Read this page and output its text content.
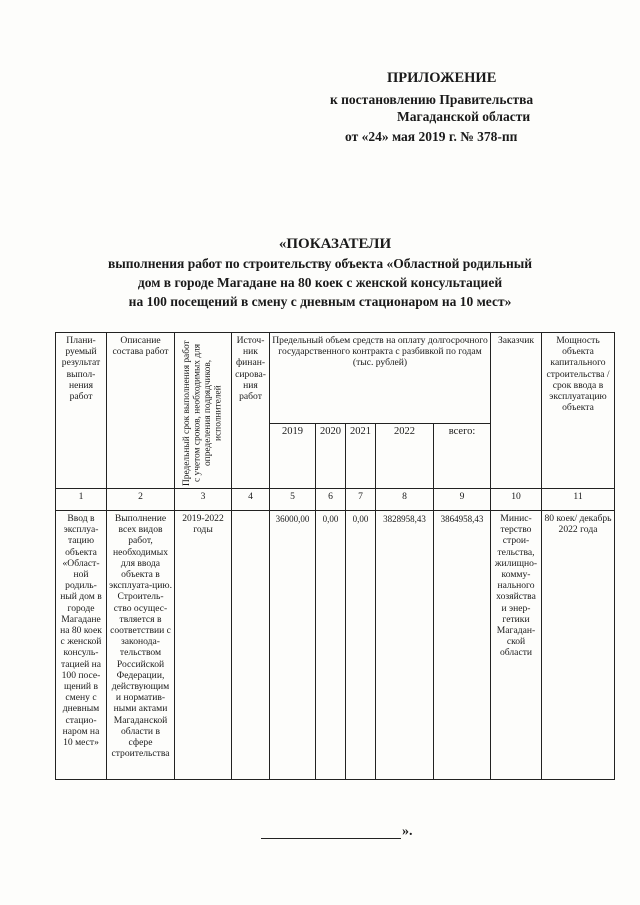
ПРИЛОЖЕНИЕ
к постановлению Правительства
Магаданской области
от «24» мая 2019 г. № 378-пп
«ПОКАЗАТЕЛИ
выполнения работ по строительству объекта «Областной родильный
дом в городе Магадане на 80 коек с женской консультацией
на 100 посещений в смену с дневным стационаром на 10 мест»
Плани-руемый результат выпол-нения работ	Описание состава работ	Предельный срок выполнения работ с учетом сроков, необходимых для определения подрядчиков, исполнителей	Источ-ник финан-сирова-ния работ	Предельный объем средств на оплату долгосрочного государственного контракта с разбивкой по годам (тыс. рублей)					Заказчик	Мощность объекта капитального строительства / срок ввода в эксплуатацию объекта
				2019	2020	2021	2022	всего:		
1	2	3	4	5	6	7	8	9	10	11
Ввод в эксплуа-тацию объекта «Област-ной родиль-ный дом в городе Магадане на 80 коек с женской консуль-тацией на 100 посе-щений в смену с дневным стацио-наром на 10 мест»	Выполнение всех видов работ, необходимых для ввода объекта в эксплуата-цию. Строитель-ство осущес-твляется в соответствии с законода-тельством Российской Федерации, действующим и норматив-ными актами Магаданской области в сфере строительства	2019-2022 годы		36000,00	0,00	0,00	3828958,43	3864958,43	Минис-терство строи-тельства, жилищно-комму-нального хозяйства и энер-гетики Магадан-ской области	80 коек/ декабрь 2022 года
».
